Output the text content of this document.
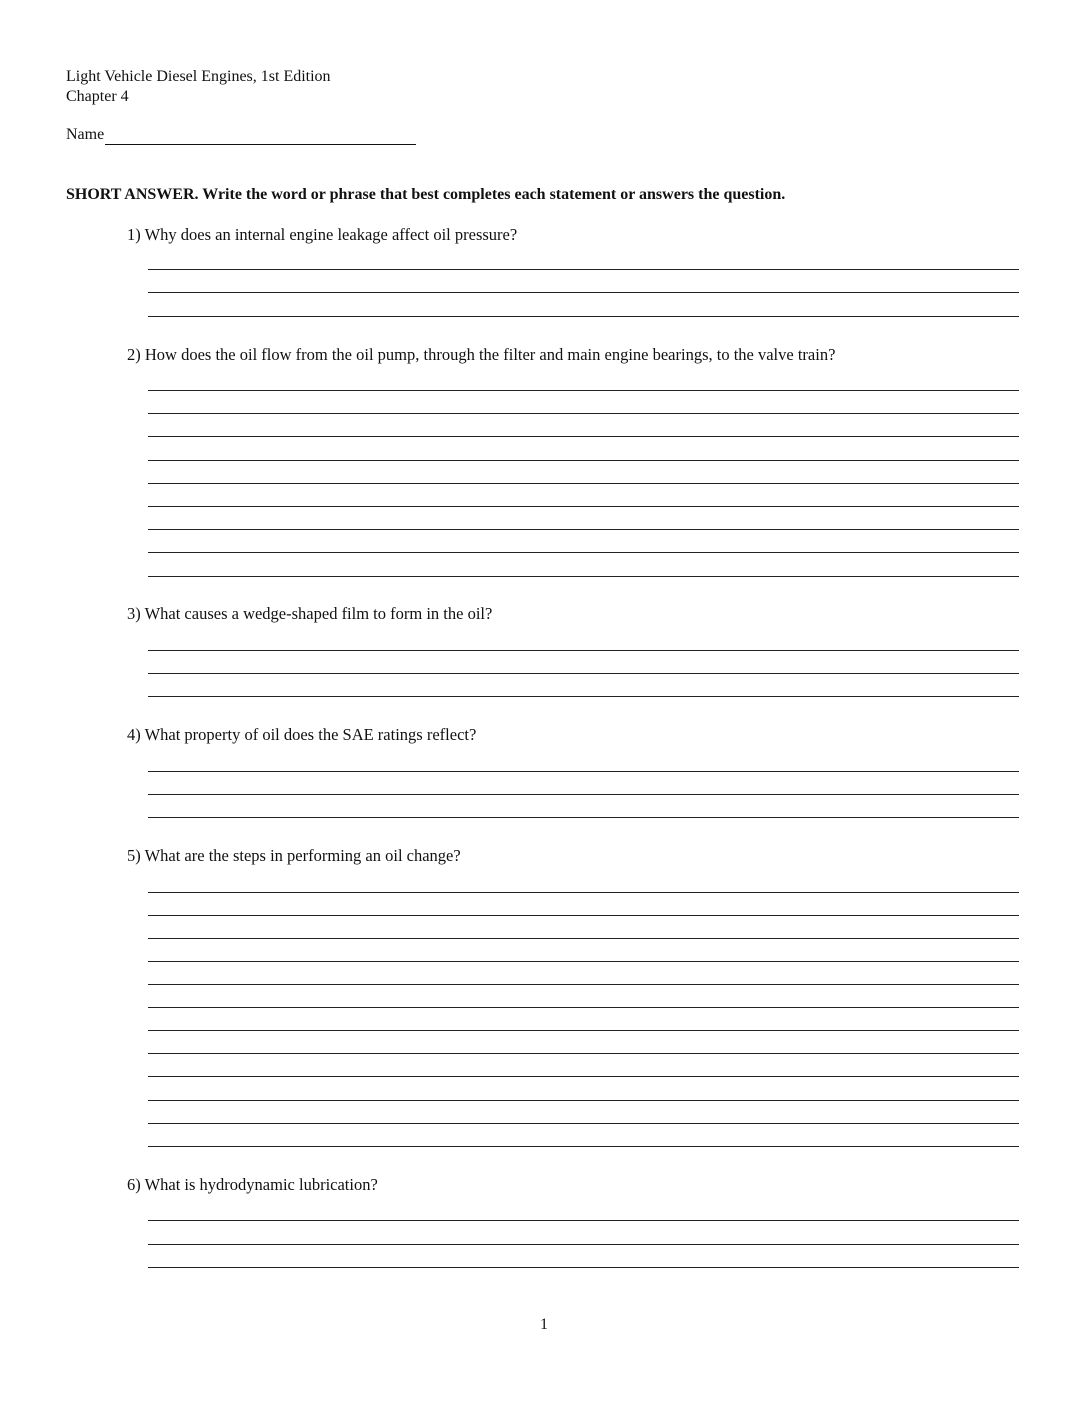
Light Vehicle Diesel Engines, 1st Edition
Chapter 4
Name
SHORT ANSWER. Write the word or phrase that best completes each statement or answers the question.
1) Why does an internal engine leakage affect oil pressure?
2) How does the oil flow from the oil pump, through the filter and main engine bearings, to the valve train?
3) What causes a wedge-shaped film to form in the oil?
4) What property of oil does the SAE ratings reflect?
5) What are the steps in performing an oil change?
6) What is hydrodynamic lubrication?
1
